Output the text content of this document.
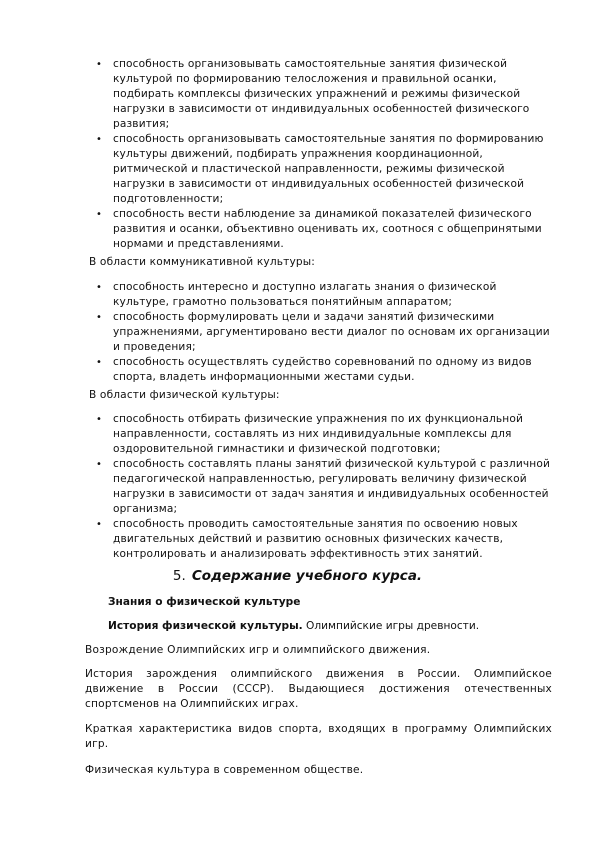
• способность организовывать самостоятельные занятия физической культурой по формированию телосложения и правильной осанки, подбирать комплексы физических упражнений и режимы физической нагрузки в зависимости от индивидуальных особенностей физического развития;
• способность организовывать самостоятельные занятия по формированию культуры движений, подбирать упражнения координационной, ритмической и пластической направленности, режимы физической нагрузки в зависимости от индивидуальных особенностей физической подготовленности;
• способность вести наблюдение за динамикой показателей физического развития и осанки, объективно оценивать их, соотнося с общепринятыми нормами и представлениями.
В области коммуникативной культуры:
• способность интересно и доступно излагать знания о физической культуре, грамотно пользоваться понятийным аппаратом;
• способность формулировать цели и задачи занятий физическими упражнениями, аргументировано вести диалог по основам их организации и проведения;
• способность осуществлять судейство соревнований по одному из видов спорта, владеть информационными жестами судьи.
В области физической культуры:
• способность отбирать физические упражнения по их функциональной направленности, составлять из них индивидуальные комплексы для оздоровительной гимнастики и физической подготовки;
• способность составлять планы занятий физической культурой с различной педагогической направленностью, регулировать величину физической нагрузки в зависимости от задач занятия и индивидуальных особенностей организма;
• способность проводить самостоятельные занятия по освоению новых двигательных действий и развитию основных физических качеств, контролировать и анализировать эффективность этих занятий.
5. Содержание учебного курса.
Знания о физической культуре
История физической культуры. Олимпийские игры древности.
Возрождение Олимпийских игр и олимпийского движения.
История зарождения олимпийского движения в России. Олимпийское движение в России (СССР). Выдающиеся достижения отечественных спортсменов на Олимпийских играх.
Краткая характеристика видов спорта, входящих в программу Олимпийских игр.
Физическая культура в современном обществе.
